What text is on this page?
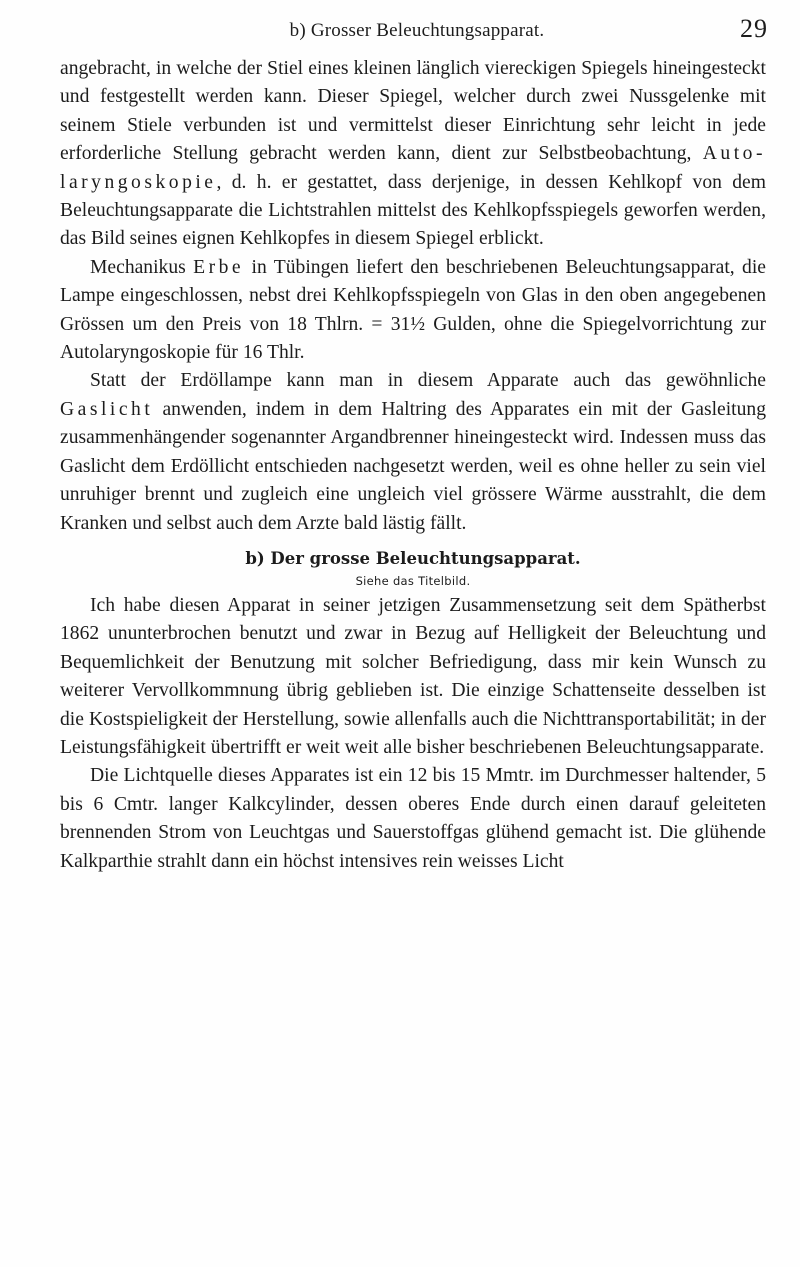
b) Grosser Beleuchtungsapparat.	29

angebracht, in welche der Stiel eines kleinen länglich viereckigen Spiegels hineingesteckt und festgestellt werden kann. Dieser Spiegel, welcher durch zwei Nussgelenke mit seinem Stiele verbunden ist und vermittelst dieser Einrichtung sehr leicht in jede erforderliche Stellung gebracht werden kann, dient zur Selbstbeobachtung, Auto-laryngoskopie, d. h. er gestattet, dass derjenige, in dessen Kehlkopf von dem Beleuchtungsapparate die Lichtstrahlen mittelst des Kehlkopfsspiegels geworfen werden, das Bild seines eignen Kehlkopfes in diesem Spiegel erblickt.

Mechanikus Erbe in Tübingen liefert den beschriebenen Beleuchtungsapparat, die Lampe eingeschlossen, nebst drei Kehlkopfsspiegeln von Glas in den oben angegebenen Grössen um den Preis von 18 Thlrn. = 31½ Gulden, ohne die Spiegelvorrichtung zur Autolaryngoskopie für 16 Thlr.

Statt der Erdöllampe kann man in diesem Apparate auch das gewöhnliche Gaslicht anwenden, indem in dem Haltring des Apparates ein mit der Gasleitung zusammenhängender sogenannter Argandbrenner hineingesteckt wird. Indessen muss das Gaslicht dem Erdöllicht entschieden nachgesetzt werden, weil es ohne heller zu sein viel unruhiger brennt und zugleich eine ungleich viel grössere Wärme ausstrahlt, die dem Kranken und selbst auch dem Arzte bald lästig fällt.

b) Der grosse Beleuchtungsapparat.
Siehe das Titelbild.

Ich habe diesen Apparat in seiner jetzigen Zusammensetzung seit dem Spätherbst 1862 ununterbrochen benutzt und zwar in Bezug auf Helligkeit der Beleuchtung und Bequemlichkeit der Benutzung mit solcher Befriedigung, dass mir kein Wunsch zu weiterer Vervollkommnung übrig geblieben ist. Die einzige Schattenseite desselben ist die Kostspieligkeit der Herstellung, sowie allenfalls auch die Nichttransportabilität; in der Leistungsfähigkeit übertrifft er weit weit alle bisher beschriebenen Beleuchtungsapparate.

Die Lichtquelle dieses Apparates ist ein 12 bis 15 Mmtr. im Durchmesser haltender, 5 bis 6 Cmtr. langer Kalkcylinder, dessen oberes Ende durch einen darauf geleiteten brennenden Strom von Leuchtgas und Sauerstoffgas glühend gemacht ist. Die glühende Kalkparthie strahlt dann ein höchst intensives rein weisses Licht
